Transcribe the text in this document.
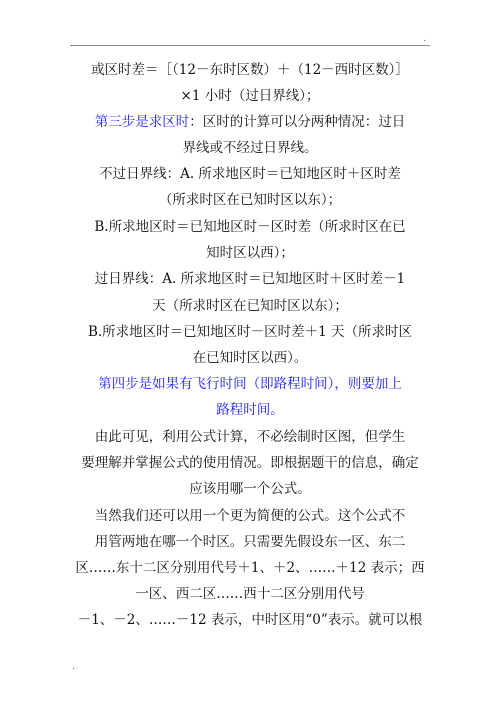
.
或区时差＝［（12－东时区数）＋（12－西时区数）］
×1 小时（过日界线）；
第三步是求区时：区时的计算可以分两种情况：过日
界线或不经过日界线。
不过日界线：A. 所求地区时＝已知地区时＋区时差
（所求时区在已知时区以东）；
B.所求地区时＝已知地区时－区时差（所求时区在已
知时区以西）；
过日界线：A. 所求地区时＝已知地区时＋区时差－1
天（所求时区在已知时区以东）；
B.所求地区时＝已知地区时－区时差＋1 天（所求时区
在已知时区以西）。
第四步是如果有飞行时间（即路程时间），则要加上
路程时间。
由此可见，利用公式计算，不必绘制时区图，但学生
要理解并掌握公式的使用情况。即根据题干的信息，确定
应该用哪一个公式。
当然我们还可以用一个更为简便的公式。这个公式不
用管两地在哪一个时区。只需要先假设东一区、东二
区……东十二区分别用代号＋1、＋2、……＋12 表示；西
一区、西二区……西十二区分别用代号
－1、－2、……－12 表示，中时区用“0”表示。就可以根
.
